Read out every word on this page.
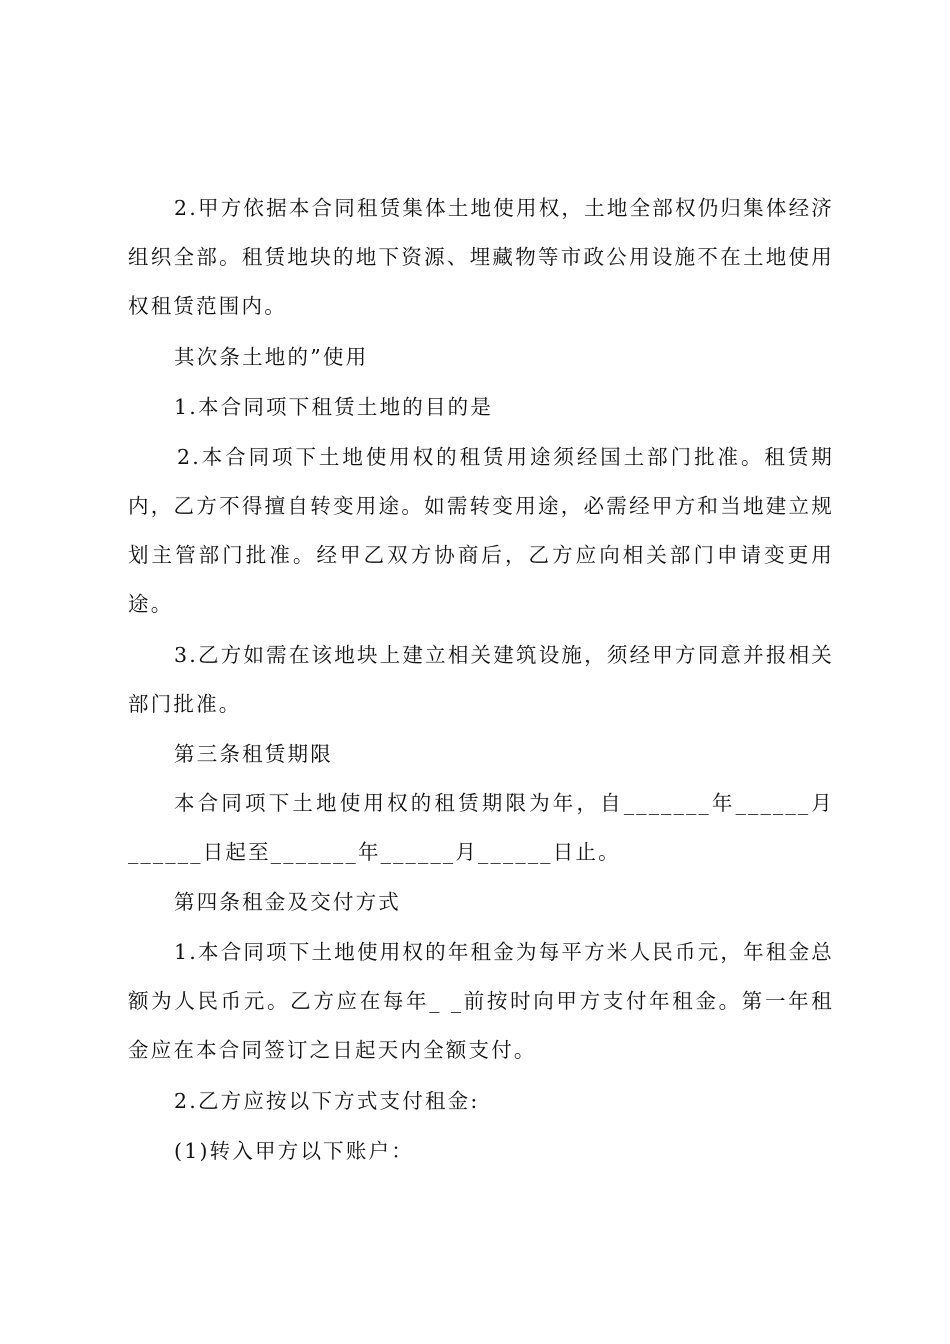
2.甲方依据本合同租赁集体土地使用权，土地全部权仍归集体经济组织全部。租赁地块的地下资源、埋藏物等市政公用设施不在土地使用权租赁范围内。

其次条土地的”使用

1.本合同项下租赁土地的目的是

2.本合同项下土地使用权的租赁用途须经国土部门批准。租赁期内，乙方不得擅自转变用途。如需转变用途，必需经甲方和当地建立规划主管部门批准。经甲乙双方协商后，乙方应向相关部门申请变更用途。

3.乙方如需在该地块上建立相关建筑设施，须经甲方同意并报相关部门批准。

第三条租赁期限

本合同项下土地使用权的租赁期限为年，自_______年______月______日起至_______年______月______日止。

第四条租金及交付方式

1.本合同项下土地使用权的年租金为每平方米人民币元，年租金总额为人民币元。乙方应在每年_ _前按时向甲方支付年租金。第一年租金应在本合同签订之日起天内全额支付。

2.乙方应按以下方式支付租金:

(1)转入甲方以下账户：
